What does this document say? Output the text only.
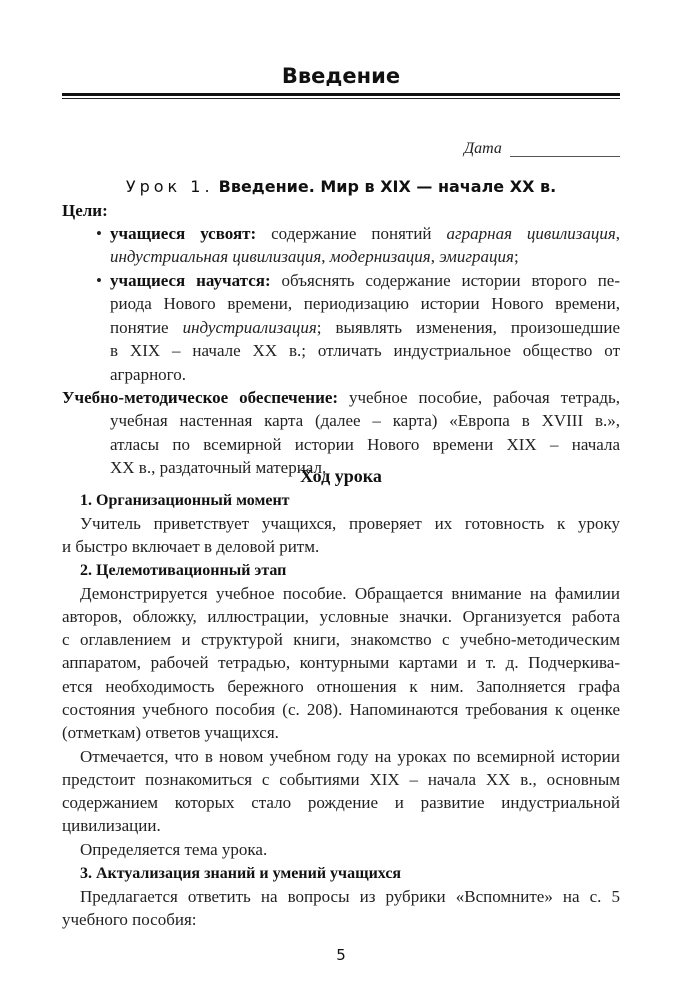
Введение
Дата
Урок 1. Введение. Мир в XIX — начале XX в.
Цели:
• учащиеся усвоят: содержание понятий аграрная цивилизация,
индустриальная цивилизация, модернизация, эмиграция;
• учащиеся научатся: объяснять содержание истории второго пе-
риода Нового времени, периодизацию истории Нового времени,
понятие индустриализация; выявлять изменения, произошедшие
в XIX – начале XX в.; отличать индустриальное общество от
аграрного.
Учебно-методическое обеспечение: учебное пособие, рабочая тетрадь,
учебная настенная карта (далее – карта) «Европа в XVIII в.»,
атласы по всемирной истории Нового времени XIX – начала
XX в., раздаточный материал.
Ход урока
1. Организационный момент
Учитель приветствует учащихся, проверяет их готовность к уроку
и быстро включает в деловой ритм.
2. Целемотивационный этап
Демонстрируется учебное пособие. Обращается внимание на фамилии
авторов, обложку, иллюстрации, условные значки. Организуется работа
с оглавлением и структурой книги, знакомство с учебно-методическим
аппаратом, рабочей тетрадью, контурными картами и т. д. Подчеркива-
ется необходимость бережного отношения к ним. Заполняется графа
состояния учебного пособия (с. 208). Напоминаются требования к оценке
(отметкам) ответов учащихся.
Отмечается, что в новом учебном году на уроках по всемирной истории
предстоит познакомиться с событиями XIX – начала XX в., основным
содержанием которых стало рождение и развитие индустриальной
цивилизации.
Определяется тема урока.
3. Актуализация знаний и умений учащихся
Предлагается ответить на вопросы из рубрики «Вспомните» на с. 5
учебного пособия:
5
